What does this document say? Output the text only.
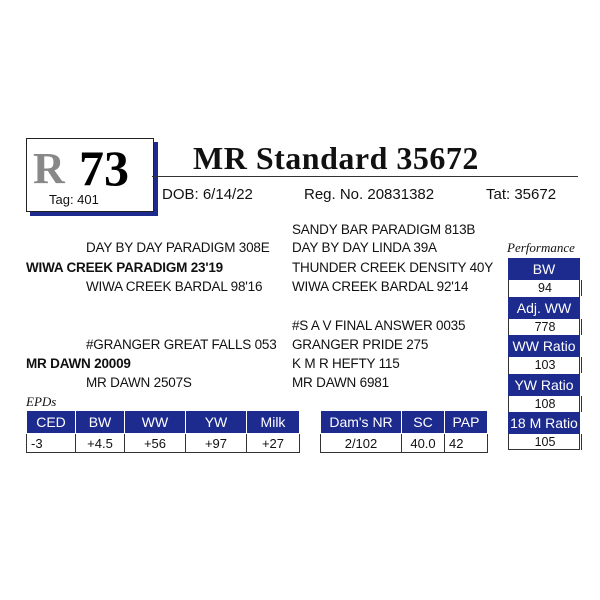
R 73
Tag: 401
MR Standard 35672
DOB: 6/14/22	Reg. No. 20831382	Tat: 35672
SANDY BAR PARADIGM 813B
DAY BY DAY PARADIGM 308E DAY BY DAY LINDA 39A
WIWA CREEK PARADIGM 23'19	THUNDER CREEK DENSITY 40Y
WIWA CREEK BARDAL 98'16 WIWA CREEK BARDAL 92'14
#S A V FINAL ANSWER 0035
#GRANGER GREAT FALLS 053 GRANGER PRIDE 275
MR DAWN 20009	K M R HEFTY 115
MR DAWN 2507S	MR DAWN 6981
Performance
BW
94
Adj. WW
778
WW Ratio
103
YW Ratio
108
18 M Ratio
105
EPDs
CED	BW	WW	YW	Milk
-3	+4.5	+56	+97	+27
Dam's NR	SC	PAP
2/102	40.0	42
